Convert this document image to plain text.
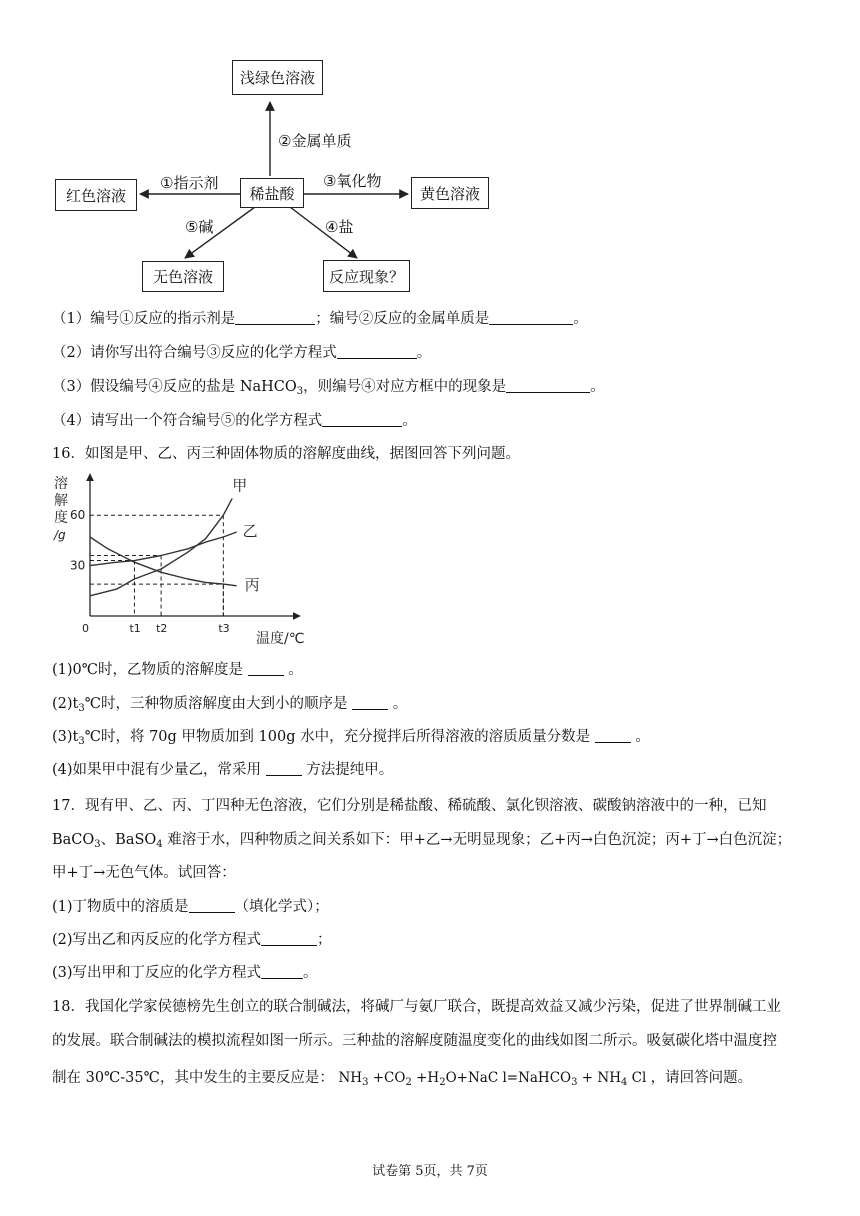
浅绿色溶液
稀盐酸
红色溶液	黄色溶液
无色溶液	反应现象？
②金属单质
①指示剂	③氧化物
⑤碱	④盐
（1）编号①反应的指示剂是	；编号②反应的金属单质是	。
（2）请你写出符合编号③反应的化学方程式	。
（3）假设编号④反应的盐是 NaHCO$_3$，则编号④对应方框中的现象是	。
（4）请写出一个符合编号⑤的化学方程式	。
16．如图是甲、乙、丙三种固体物质的溶解度曲线，据图回答下列问题。
溶
解
度
/g
温度/℃
30
60
0	t1 t2	t3
甲
乙
丙
(1)0℃时，乙物质的溶解度是	。
$(2)t_3℃$时，三种物质溶解度由大到小的顺序是	。
$(3)t_3℃$时，将 70g 甲物质加到 100g 水中，充分搅拌后所得溶液的溶质质量分数是	。
(4)如果甲中混有少量乙，常采用	方法提纯甲。
17．现有甲、乙、丙、丁四种无色溶液，它们分别是稀盐酸、稀硫酸、氯化钡溶液、碳酸钠溶液中的一种，已知
BaCO$_3$、BaSO$_4$ 难溶于水，四种物质之间关系如下：甲+乙→无明显现象；乙+丙→白色沉淀；丙+丁→白色沉淀；
甲+丁→无色气体。试回答：
(1)丁物质中的溶质是	（填化学式）；
(2)写出乙和丙反应的化学方程式	；
(3)写出甲和丁反应的化学方程式	。
18．我国化学家侯德榜先生创立的联合制碱法，将碱厂与氨厂联合，既提高效益又减少污染，促进了世界制碱工业
的发展。联合制碱法的模拟流程如图一所示。三种盐的溶解度随温度变化的曲线如图二所示。吸氨碳化塔中温度控
制在 30℃-35℃，其中发生的主要反应是： $NH_3 +CO_2 +H_2O+NaC$ l=NaHCO$_3$ + $NH_4$ Cl ，请回答问题。
试卷第 5页，共 7页
